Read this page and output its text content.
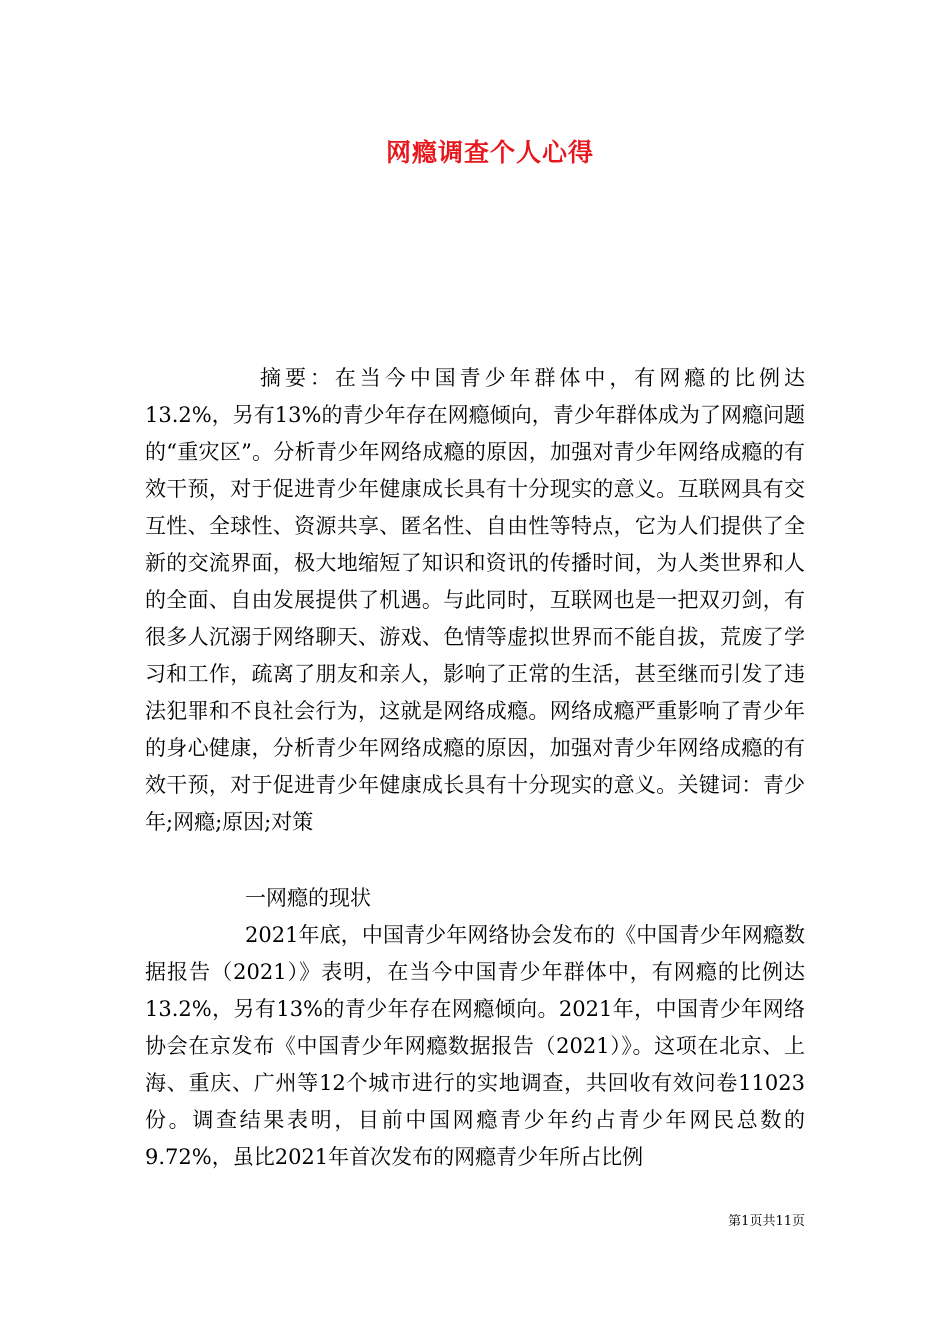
网瘾调查个人心得
摘要：在当今中国青少年群体中，有网瘾的比例达13.2%，另有13%的青少年存在网瘾倾向，青少年群体成为了网瘾问题的“重灾区”。分析青少年网络成瘾的原因，加强对青少年网络成瘾的有效干预，对于促进青少年健康成长具有十分现实的意义。互联网具有交互性、全球性、资源共享、匿名性、自由性等特点，它为人们提供了全新的交流界面，极大地缩短了知识和资讯的传播时间，为人类世界和人的全面、自由发展提供了机遇。与此同时，互联网也是一把双刃剑，有很多人沉溺于网络聊天、游戏、色情等虚拟世界而不能自拔，荒废了学习和工作，疏离了朋友和亲人，影响了正常的生活，甚至继而引发了违法犯罪和不良社会行为，这就是网络成瘾。网络成瘾严重影响了青少年的身心健康，分析青少年网络成瘾的原因，加强对青少年网络成瘾的有效干预，对于促进青少年健康成长具有十分现实的意义。关键词：青少年;网瘾;原因;对策
一网瘾的现状
2021年底，中国青少年网络协会发布的《中国青少年网瘾数据报告（2021）》表明，在当今中国青少年群体中，有网瘾的比例达13.2%，另有13%的青少年存在网瘾倾向。2021年，中国青少年网络协会在京发布《中国青少年网瘾数据报告（2021）》。这项在北京、上海、重庆、广州等12个城市进行的实地调查，共回收有效问卷11023份。调查结果表明，目前中国网瘾青少年约占青少年网民总数的9.72%，虽比2021年首次发布的网瘾青少年所占比例
第1页共11页
